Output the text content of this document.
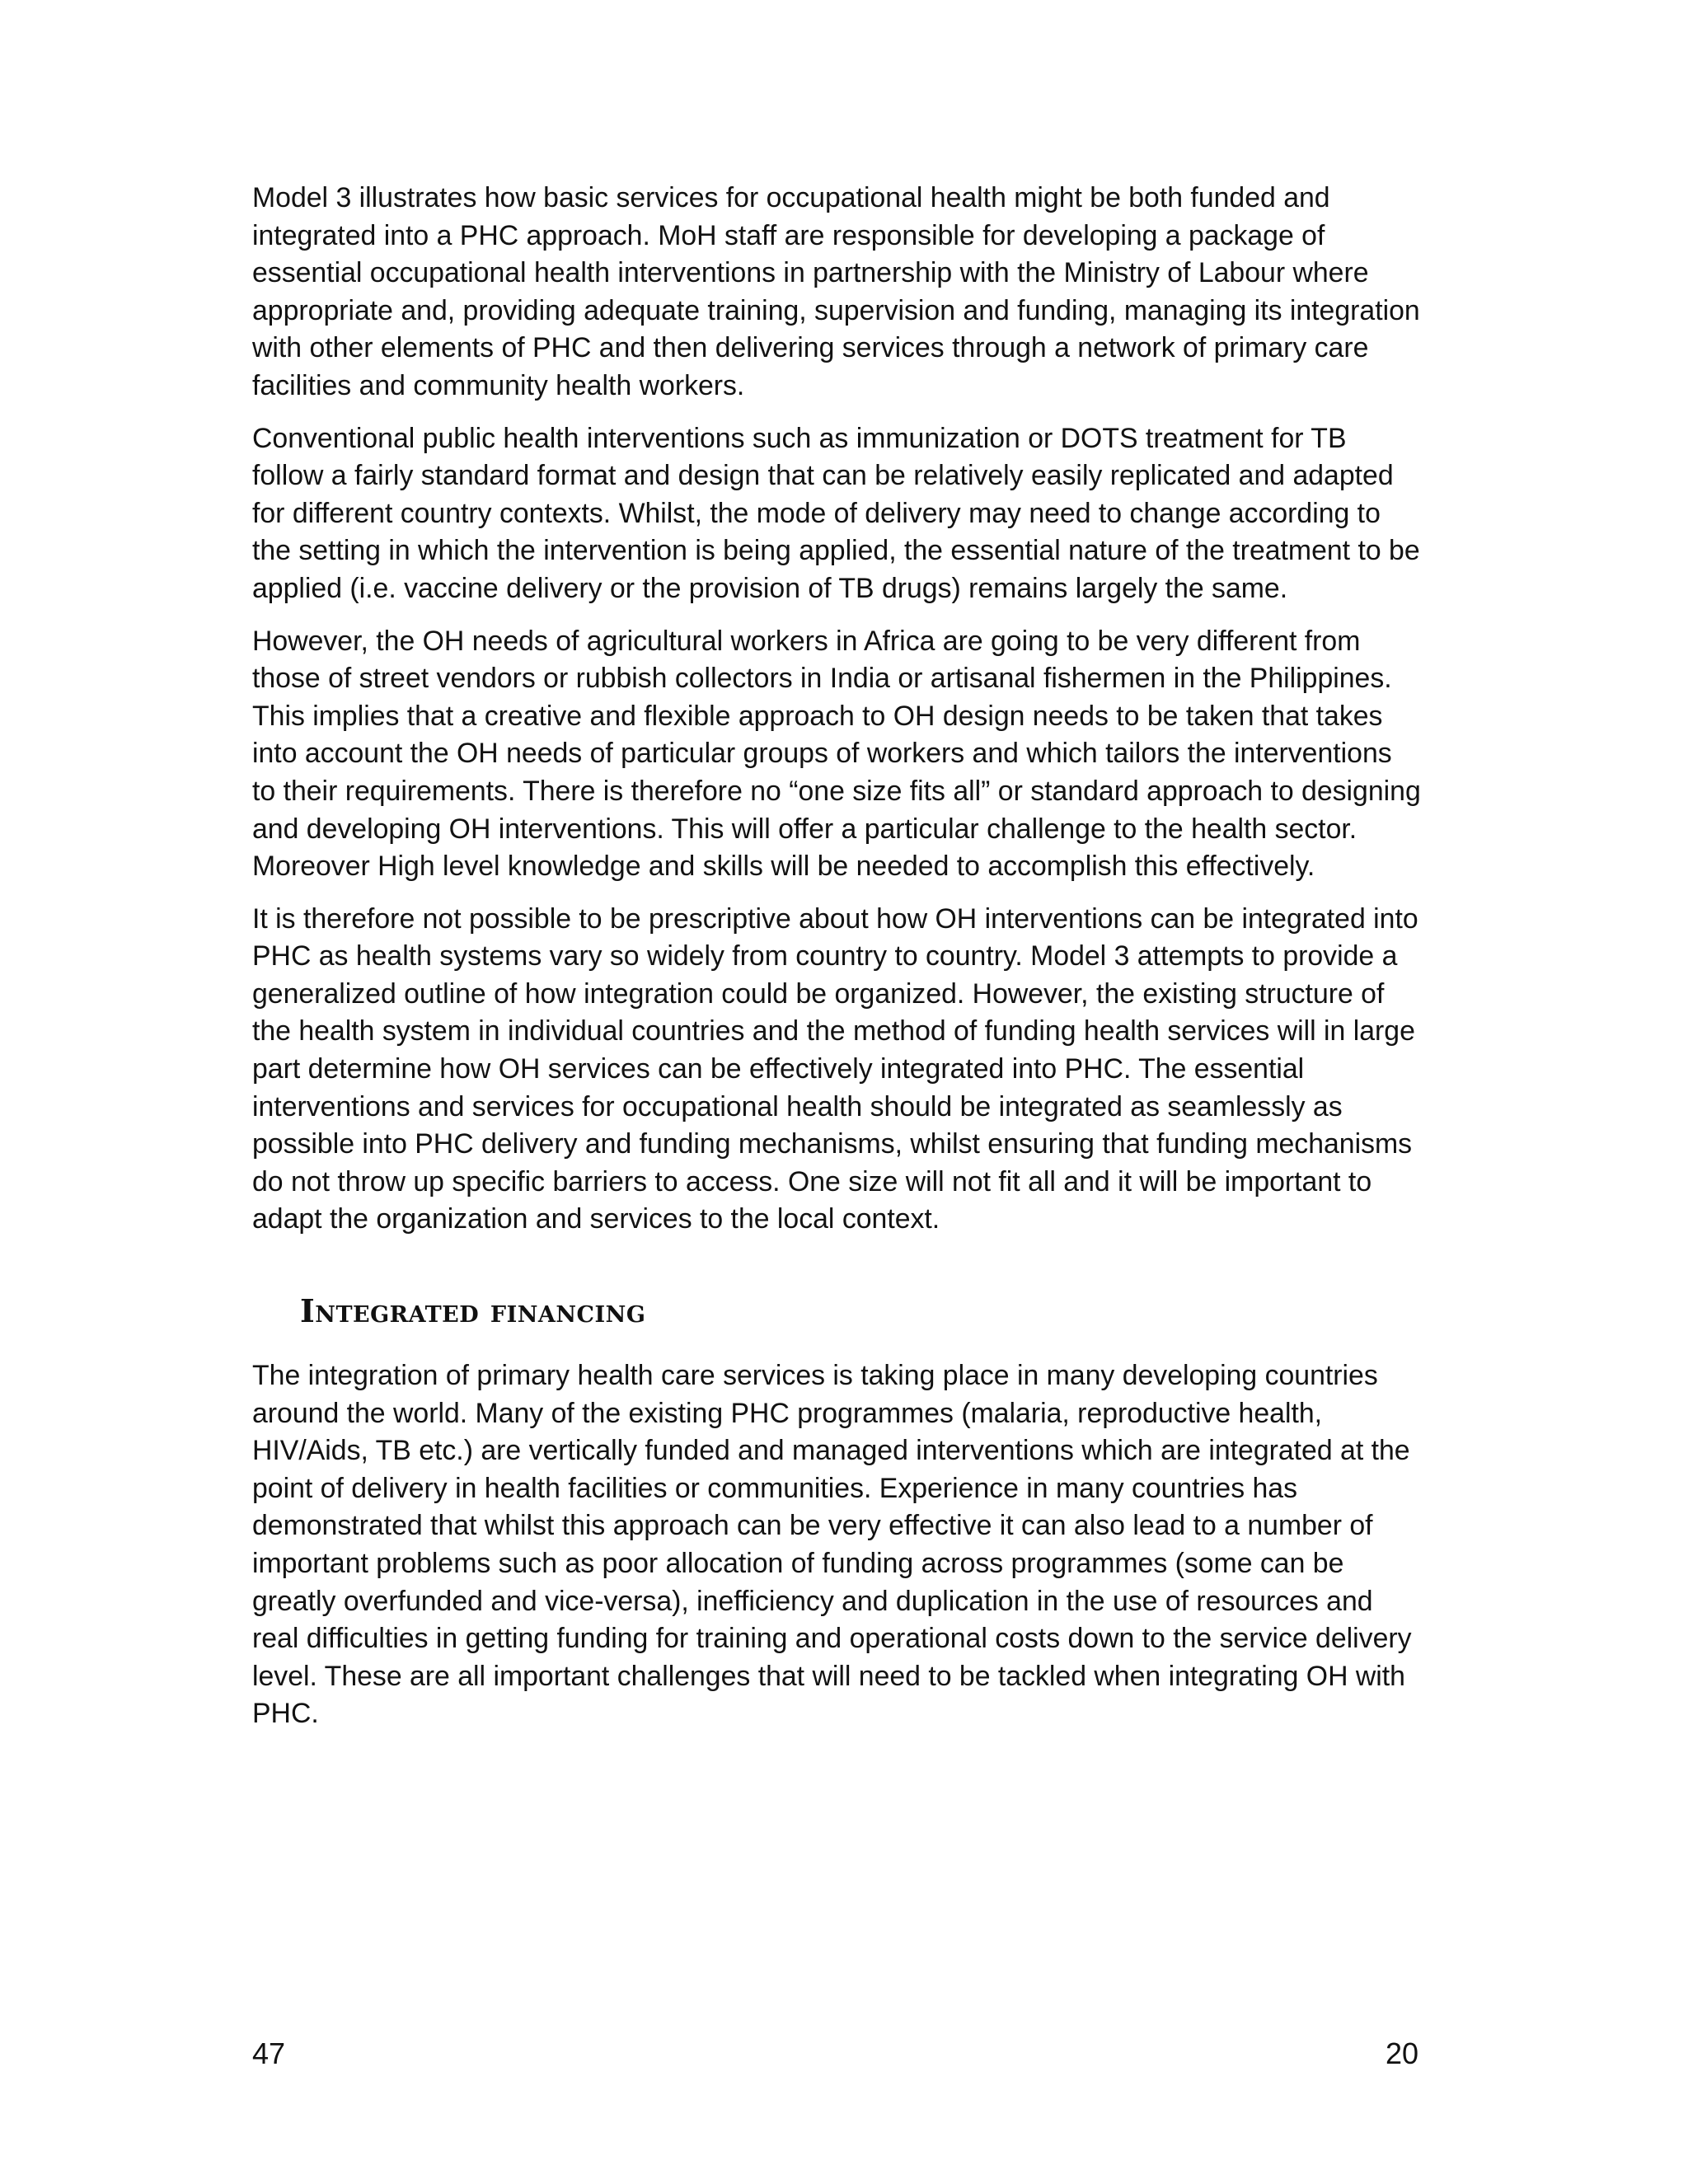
Model 3 illustrates how basic services for occupational health might be both funded and integrated into a PHC approach. MoH staff are responsible for developing a package of essential occupational health interventions in partnership with the Ministry of Labour where appropriate and, providing adequate training, supervision and funding, managing its integration with other elements of PHC and then delivering services through a network of primary care facilities and community health workers.

Conventional public health interventions such as immunization or DOTS treatment for TB follow a fairly standard format and design that can be relatively easily replicated and adapted for different country contexts. Whilst, the mode of delivery may need to change according to the setting in which the intervention is being applied, the essential nature of the treatment to be applied (i.e. vaccine delivery or the provision of TB drugs) remains largely the same.

However, the OH needs of agricultural workers in Africa are going to be very different from those of street vendors or rubbish collectors in India or artisanal fishermen in the Philippines. This implies that a creative and flexible approach to OH design needs to be taken that takes into account the OH needs of particular groups of workers and which tailors the interventions to their requirements. There is therefore no “one size fits all” or standard approach to designing and developing OH interventions. This will offer a particular challenge to the health sector. Moreover High level knowledge and skills will be needed to accomplish this effectively.

It is therefore not possible to be prescriptive about how OH interventions can be integrated into PHC as health systems vary so widely from country to country. Model 3 attempts to provide a generalized outline of how integration could be organized. However, the existing structure of the health system in individual countries and the method of funding health services will in large part determine how OH services can be effectively integrated into PHC. The essential interventions and services for occupational health should be integrated as seamlessly as possible into PHC delivery and funding mechanisms, whilst ensuring that funding mechanisms do not throw up specific barriers to access. One size will not fit all and it will be important to adapt the organization and services to the local context.

Integrated financing

The integration of primary health care services is taking place in many developing countries around the world. Many of the existing PHC programmes (malaria, reproductive health, HIV/Aids, TB etc.) are vertically funded and managed interventions which are integrated at the point of delivery in health facilities or communities. Experience in many countries has demonstrated that whilst this approach can be very effective it can also lead to a number of important problems such as poor allocation of funding across programmes (some can be greatly overfunded and vice-versa), inefficiency and duplication in the use of resources and real difficulties in getting funding for training and operational costs down to the service delivery level. These are all important challenges that will need to be tackled when integrating OH with PHC.

47	20
